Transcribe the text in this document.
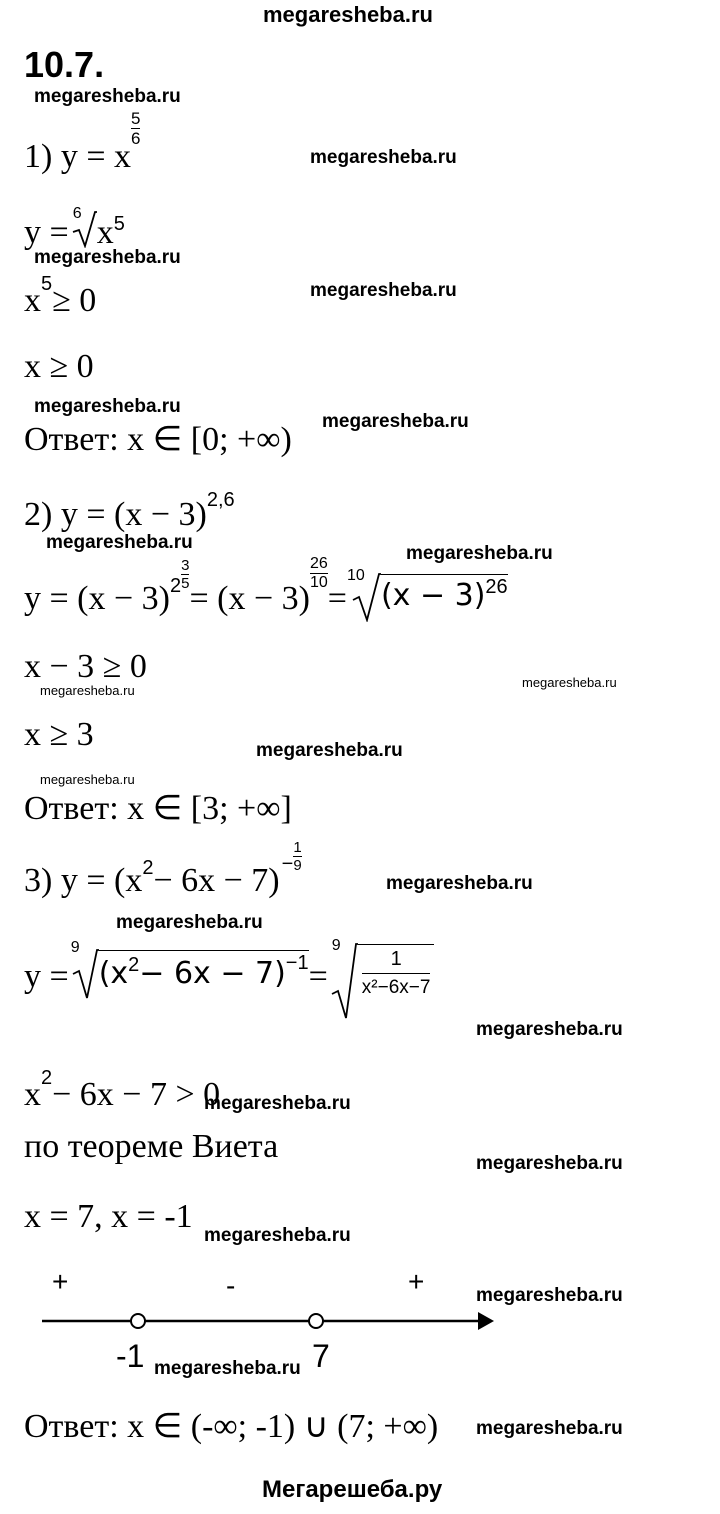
megaresheba.ru
10.7.
megaresheba.ru
megaresheba.ru
megaresheba.ru
megaresheba.ru
megaresheba.ru
megaresheba.ru
megaresheba.ru
megaresheba.ru
megaresheba.ru
megaresheba.ru
megaresheba.ru
megaresheba.ru
megaresheba.ru
megaresheba.ru
megaresheba.ru
megaresheba.ru
megaresheba.ru
megaresheba.ru
megaresheba.ru
megaresheba.ru
megaresheba.ru
1) y = x
$\frac{5}{6}$
y =
6
x 5
x 5 ≥ 0
x ≥ 0
Ответ: x ∈ [0; +∞)
2) y = (x − 3) 2,6
y = (x − 3) $2 \frac{3}{5}$
= (x − 3)
$\frac{26}{10}$
=
10
(x − 3) 26
x − 3 ≥ 0
x ≥ 3
Ответ: x ∈ [3; +∞]
3) y = (x $2 - 6x - 7) - \frac{1}{9}$
y =
9
(x 2 − 6x − 7) −1 =
9
1
x²−6x−7
x 2 − 6x − 7 > 0
по теореме Виета
x = 7, x = -1
+	-	+
-1	7
Ответ: x ∈ (-∞; -1) ∪ (7; +∞)
Мегарешеба.ру
